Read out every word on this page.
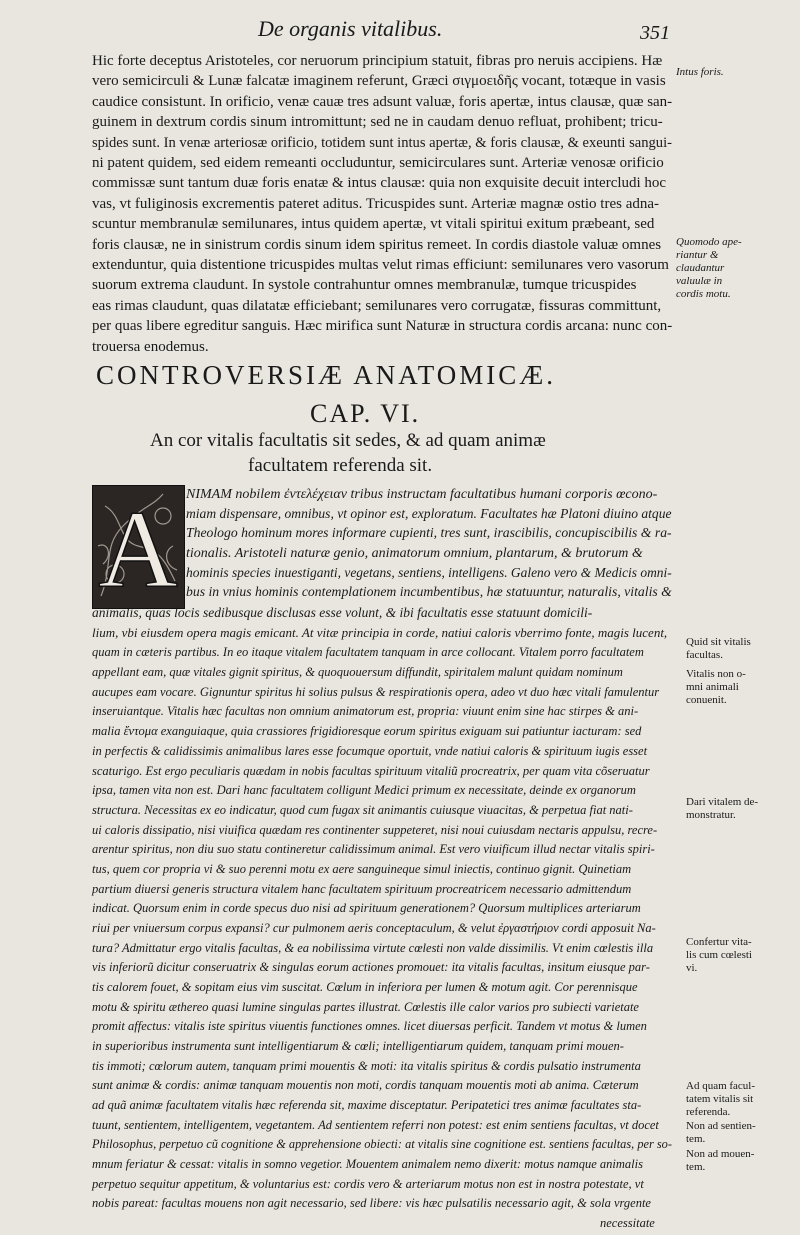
De organis vitalibus.	351
Hic forte deceptus Aristoteles, cor neruorum principium statuit, fibras pro neruis accipiens. Hæ
vero semicirculi & Lunæ falcatæ imaginem referunt, Græci σιγμοειδῆς vocant, totæque in vasis
caudice consistunt. In orificio, venæ cauæ tres adsunt valuæ, foris apertæ, intus clausæ, quæ san-
guinem in dextrum cordis sinum intromittunt; sed ne in caudam denuo refluat, prohibent; tricu-
spides sunt. In venæ arteriosæ orificio, totidem sunt intus apertæ, & foris clausæ, & exeunti sangui-
ni patent quidem, sed eidem remeanti occluduntur, semicirculares sunt. Arteriæ venosæ orificio
commissæ sunt tantum duæ foris enatæ & intus clausæ: quia non exquisite decuit intercludi hoc
vas, vt fuliginosis excrementis pateret aditus. Tricuspides sunt. Arteriæ magnæ ostio tres adna-
scuntur membranulæ semilunares, intus quidem apertæ, vt vitali spiritui exitum præbeant, sed
foris clausæ, ne in sinistrum cordis sinum idem spiritus remeet. In cordis diastole valuæ omnes
extenduntur, quia distentione tricuspides multas velut rimas efficiunt: semilunares vero vasorum
suorum extrema claudunt. In systole contrahuntur omnes membranulæ, tumque tricuspides
eas rimas claudunt, quas dilatatæ efficiebant; semilunares vero corrugatæ, fissuras committunt,
per quas libere egreditur sanguis. Hæc mirifica sunt Naturæ in structura cordis arcana: nunc con-
CONTROVERSIÆ ANATOMICÆ.
CAP. VI.
An cor vitalis facultatis sit sedes, & ad quam animæ
facultatem referenda sit.
A NIMAM nobilem ἐντελέχειαν tribus instructam facultatibus humani corporis œcono-
miam dispensare, omnibus, vt opinor est, exploratum. Facultates hæ Platoni diuino atque
Theologo hominum mores informare cupienti, tres sunt, irascibilis, concupiscibilis & ra-
tionalis. Aristoteli naturæ genio, animatorum omnium, plantarum, & brutorum &
hominis species inuestiganti, vegetans, sentiens, intelligens. Galeno vero & Medicis omni-
bus in vnius hominis contemplationem incumbentibus, hæ statuuntur, naturalis, vitalis &
animalis, quas locis sedibusque disclusas esse volunt, & ibi facultatis esse statuunt domicili-
lium, vbi eiusdem opera magis emicant. At vitæ principia in corde, natiui caloris vberrimo fonte, magis lucent,
quam in cæteris partibus. In eo itaque vitalem facultatem tanquam in arce collocant. Vitalem porro facultatem
appellant eam, quæ vitales gignit spiritus, & quoquouersum diffundit, spiritalem malunt quidam nominum
aucupes eam vocare. Gignuntur spiritus hi solius pulsus & respirationis opera, adeo vt duo hæc vitali famulentur
inseruiantque. Vitalis hæc facultas non omnium animatorum est, propria: viuunt enim sine hac stirpes & ani-
malia ἔντομα exanguiaque, quia crassiores frigidioresque eorum spiritus exiguam sui patiuntur iacturam: sed
in perfectis & calidissimis animalibus lares esse focumque oportuit, vnde natiui caloris & spirituum iugis esset
scaturigo. Est ergo peculiaris quædam in nobis facultas spirituum vitaliũ procreatrix, per quam vita cõseruatur
ipsa, tamen vita non est. Dari hanc facultatem colligunt Medici primum ex necessitate, deinde ex organorum
structura. Necessitas ex eo indicatur, quod cum fugax sit animantis cuiusque viuacitas, & perpetua fiat nati-
ui caloris dissipatio, nisi viuifica quædam res continenter suppeteret, nisi noui cuiusdam nectaris appulsu, recre-
arentur spiritus, non diu suo statu contineretur calidissimum animal. Est vero viuificum illud nectar vitalis spiri-
tus, quem cor propria vi & suo perenni motu ex aere sanguineque simul iniectis, continuo gignit. Quinetiam
partium diuersi generis structura vitalem hanc facultatem spirituum procreatricem necessario admittendum
indicat. Quorsum enim in corde specus duo nisi ad spirituum generationem? Quorsum multiplices arteriarum
riui per vniuersum corpus expansi? cur pulmonem aeris conceptaculum, & velut ἐργαστήριον cordi apposuit Na-
tura? Admittatur ergo vitalis facultas, & ea nobilissima virtute cœlesti non valde dissimilis. Vt enim cœlestis illa
vis inferiorũ dicitur conseruatrix & singulas eorum actiones promouet: ita vitalis facultas, insitum eiusque par-
tis calorem fouet, & sopitam eius vim suscitat. Cœlum in inferiora per lumen & motum agit. Cor perennisque
motu & spiritu æthereo quasi lumine singulas partes illustrat. Cœlestis ille calor varios pro subiecti varietate
promit affectus: vitalis iste spiritus viuentis functiones omnes. licet diuersas perficit. Tandem vt motus & lumen
in superioribus instrumenta sunt intelligentiarum & cœli; intelligentiarum quidem, tanquam primi mouen-
tis immoti; cœlorum autem, tanquam primi mouentis & moti: ita vitalis spiritus & cordis pulsatio instrumenta
sunt animæ & cordis: animæ tanquam mouentis non moti, cordis tanquam mouentis moti ab anima. Cæterum
ad quã animæ facultatem vitalis hæc referenda sit, maxime disceptatur. Peripatetici tres animæ facultates sta-
tuunt, sentientem, intelligentem, vegetantem. Ad sentientem referri non potest: est enim sentiens facultas, vt docet
Philosophus, perpetuo cũ cognitione & apprehensione obiecti: at vitalis sine cognitione est. sentiens facultas, per so-
Intus foris.
Quomodo ape-
riantur &
claudantur
valuulæ in
cordis motu.
Quid sit vitalis
facultas.
Vitalis non o-
mni animali
conuenit.
Dari vitalem de-
monstratur.
Confertur vita-
lis cum cœlesti
vi.
Ad quam facul-
tatem vitalis sit
referenda.
Non ad sentien-
tem.
Non ad mouen-
tem.
trouersa enodemus.
mnum feriatur & cessat: vitalis in somno vegetior. Mouentem animalem nemo dixerit: motus namque animalis
perpetuo sequitur appetitum, & voluntarius est: cordis vero & arteriarum motus non est in nostra potestate, vt
nobis pareat: facultas mouens non agit necessario, sed libere: vis hæc pulsatilis necessario agit, & sola vrgente
necessitate
